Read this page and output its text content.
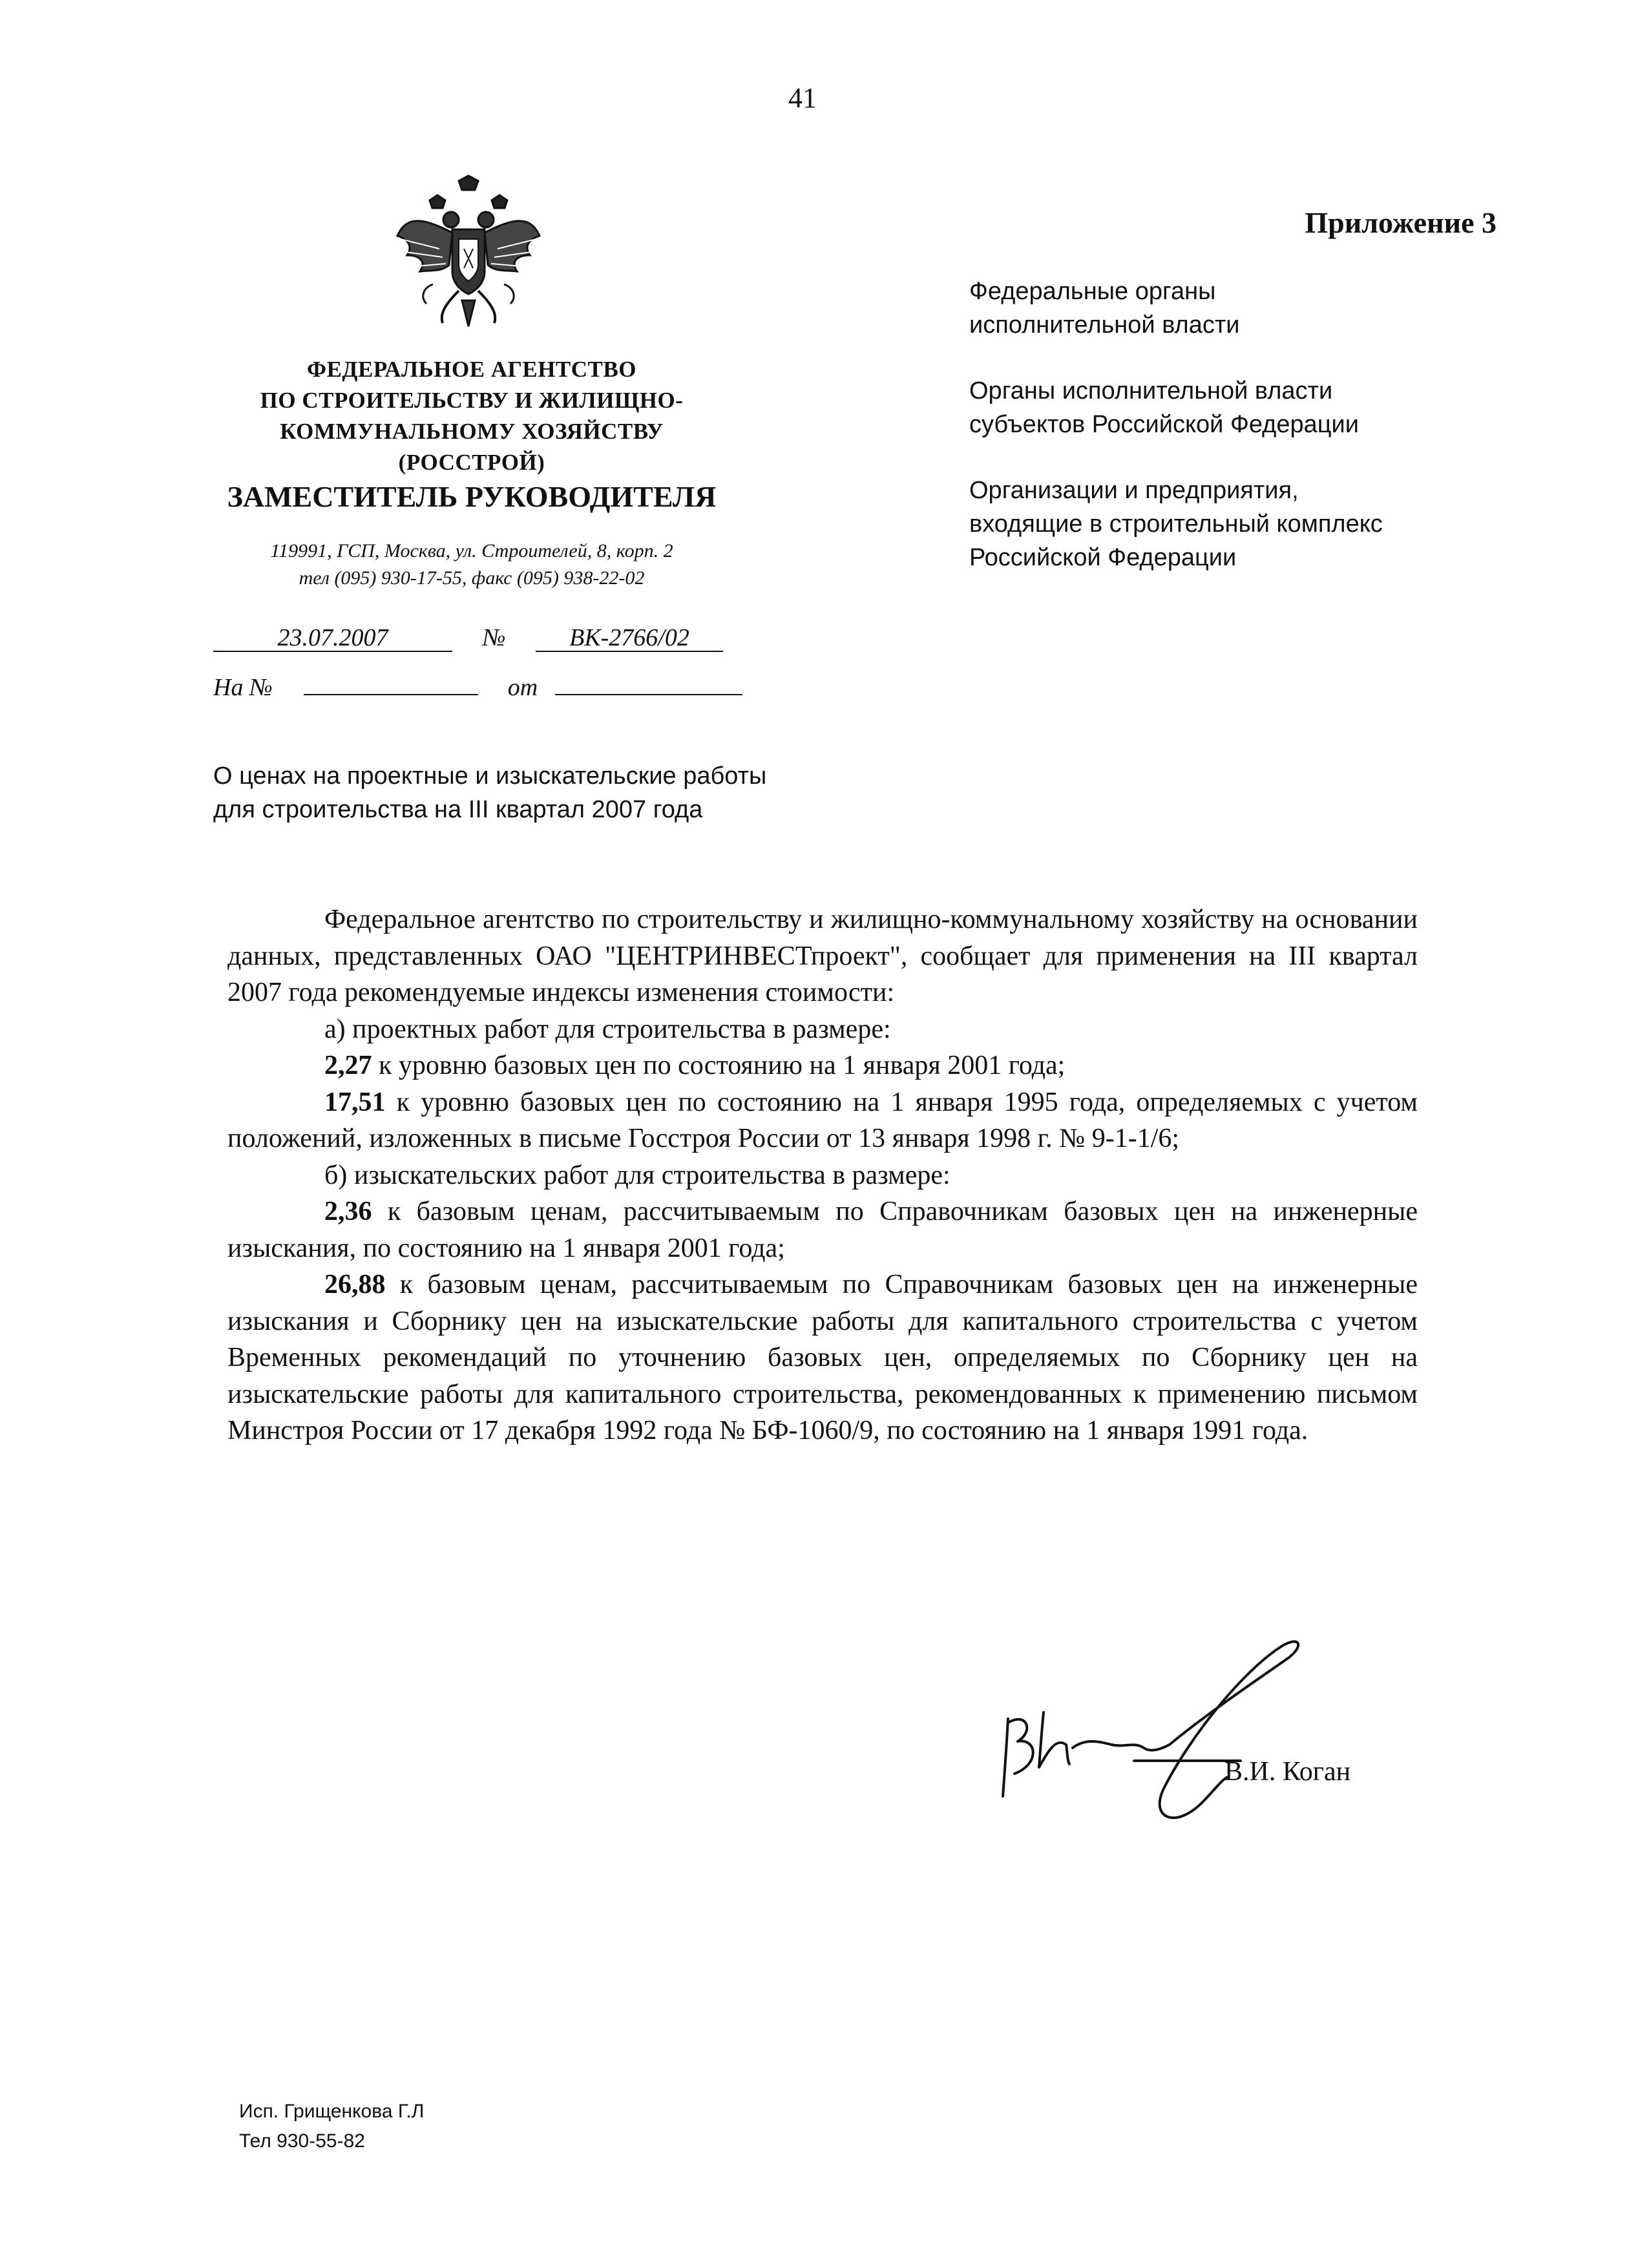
41
Приложение 3
ФЕДЕРАЛЬНОЕ АГЕНТСТВО
ПО СТРОИТЕЛЬСТВУ И ЖИЛИЩНО-
КОММУНАЛЬНОМУ ХОЗЯЙСТВУ
(РОССТРОЙ)
ЗАМЕСТИТЕЛЬ РУКОВОДИТЕЛЯ
119991, ГСП, Москва, ул. Строителей, 8, корп. 2
тел (095) 930-17-55, факс (095) 938-22-02

Федеральные органы
исполнительной власти

Органы исполнительной власти
субъектов Российской Федерации

Организации и предприятия,
входящие в строительный комплекс
Российской Федерации

23.07.2007	№	ВК-2766/02
На №	от
О ценах на проектные и изыскательские работы
для строительства на III квартал 2007 года

Федеральное агентство по строительству и жилищно-коммунальному хозяйству на основании данных, представленных ОАО "ЦЕНТРИНВЕСТпроект", сообщает для применения на III квартал 2007 года рекомендуемые индексы изменения стоимости:

а) проектных работ для строительства в размере:

2,27 к уровню базовых цен по состоянию на 1 января 2001 года;

17,51 к уровню базовых цен по состоянию на 1 января 1995 года, определяемых с учетом положений, изложенных в письме Госстроя России от 13 января 1998 г. № 9-1-1/6;

б) изыскательских работ для строительства в размере:

2,36 к базовым ценам, рассчитываемым по Справочникам базовых цен на инженерные изыскания, по состоянию на 1 января 2001 года;

26,88 к базовым ценам, рассчитываемым по Справочникам базовых цен на инженерные изыскания и Сборнику цен на изыскательские работы для капитального строительства с учетом Временных рекомендаций по уточнению базовых цен, определяемых по Сборнику цен на изыскательские работы для капитального строительства, рекомендованных к применению письмом Минстроя России от 17 декабря 1992 года № БФ-1060/9, по состоянию на 1 января 1991 года.

В.И. Коган

Исп. Грищенкова Г.Л

Тел 930-55-82
